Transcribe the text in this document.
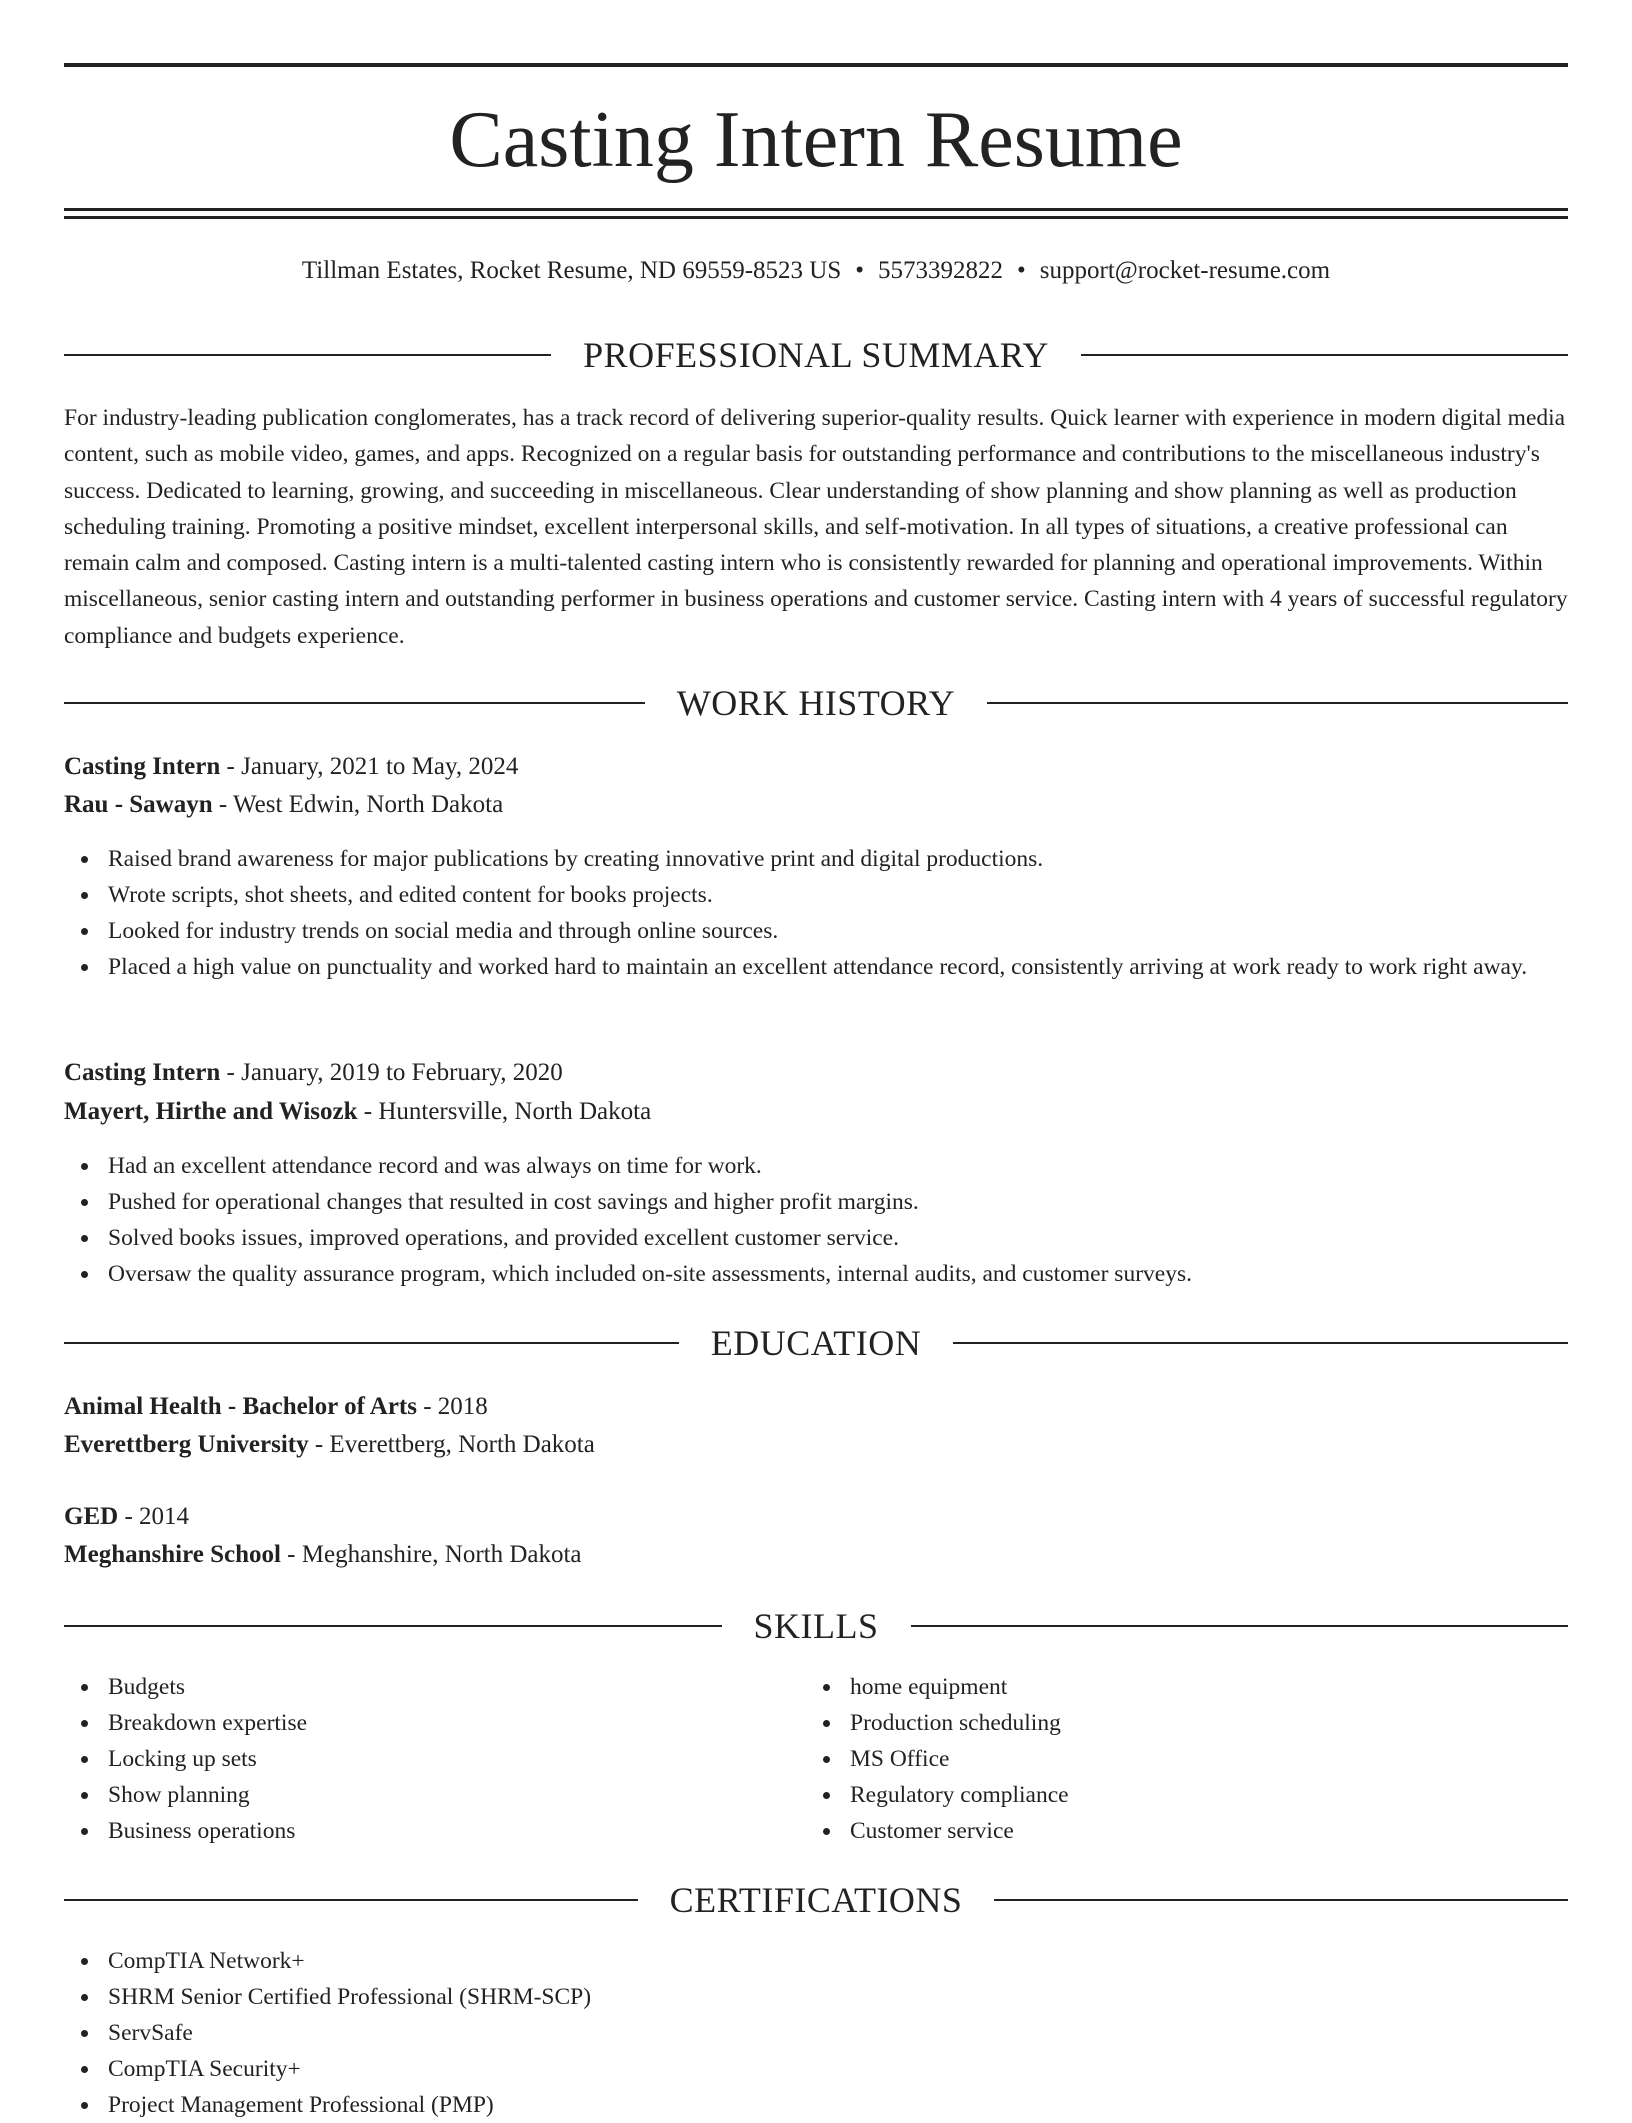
Casting Intern Resume
Tillman Estates, Rocket Resume, ND 69559-8523 US • 5573392822 • support@rocket-resume.com
PROFESSIONAL SUMMARY

For industry-leading publication conglomerates, has a track record of delivering superior-quality results. Quick learner with experience in modern digital media content, such as mobile video, games, and apps. Recognized on a regular basis for outstanding performance and contributions to the miscellaneous industry's success. Dedicated to learning, growing, and succeeding in miscellaneous. Clear understanding of show planning and show planning as well as production scheduling training. Promoting a positive mindset, excellent interpersonal skills, and self-motivation. In all types of situations, a creative professional can remain calm and composed. Casting intern is a multi-talented casting intern who is consistently rewarded for planning and operational improvements. Within miscellaneous, senior casting intern and outstanding performer in business operations and customer service. Casting intern with 4 years of successful regulatory compliance and budgets experience.

WORK HISTORY
Casting Intern - January, 2021 to May, 2024
Rau - Sawayn - West Edwin, North Dakota
Raised brand awareness for major publications by creating innovative print and digital productions.
Wrote scripts, shot sheets, and edited content for books projects.
Looked for industry trends on social media and through online sources.
Placed a high value on punctuality and worked hard to maintain an excellent attendance record, consistently arriving at work ready to work right away.
Casting Intern - January, 2019 to February, 2020
Mayert, Hirthe and Wisozk - Huntersville, North Dakota
Had an excellent attendance record and was always on time for work.
Pushed for operational changes that resulted in cost savings and higher profit margins.
Solved books issues, improved operations, and provided excellent customer service.
Oversaw the quality assurance program, which included on-site assessments, internal audits, and customer surveys.
EDUCATION
Animal Health - Bachelor of Arts - 2018
Everettberg University - Everettberg, North Dakota
GED - 2014
Meghanshire School - Meghanshire, North Dakota
SKILLS
Budgets
Breakdown expertise
Locking up sets
Show planning
Business operations
home equipment
Production scheduling
MS Office
Regulatory compliance
Customer service
CERTIFICATIONS
CompTIA Network+
SHRM Senior Certified Professional (SHRM-SCP)
ServSafe
CompTIA Security+
Project Management Professional (PMP)
